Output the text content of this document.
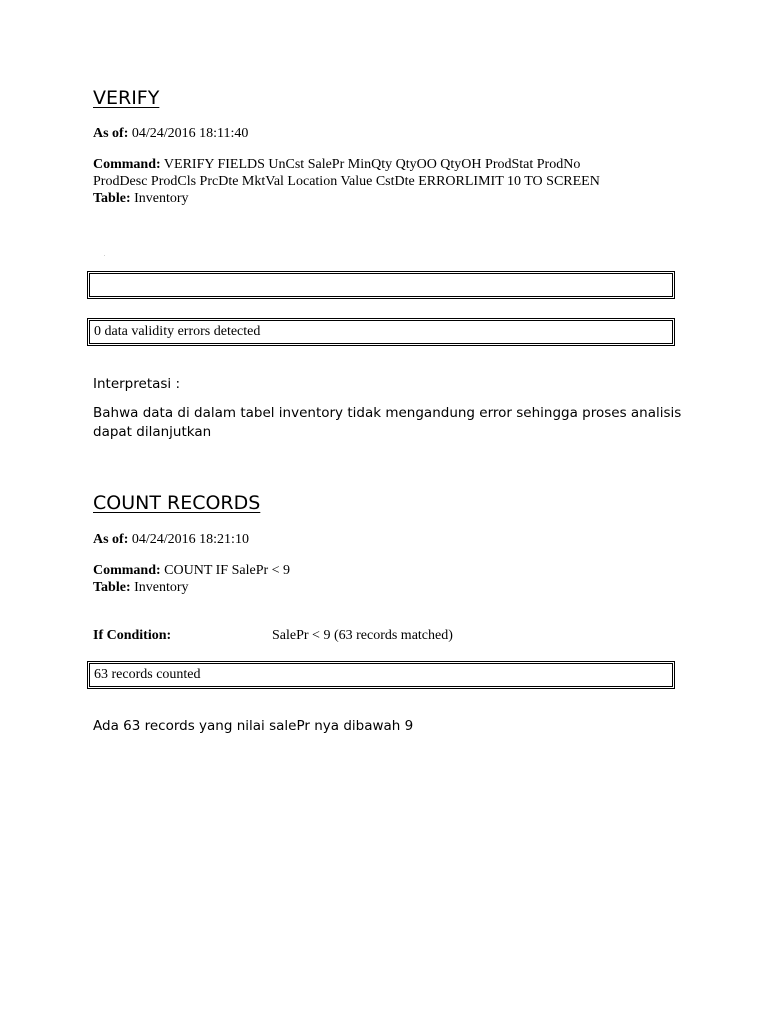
VERIFY
As of: 04/24/2016 18:11:40
Command: VERIFY FIELDS UnCst SalePr MinQty QtyOO QtyOH ProdStat ProdNo
ProdDesc ProdCls PrcDte MktVal Location Value CstDte ERRORLIMIT 10 TO SCREEN
Table: Inventory
0 data validity errors detected
Interpretasi :
Bahwa data di dalam tabel inventory tidak mengandung error sehingga proses analisis dapat dilanjutkan
COUNT RECORDS
As of: 04/24/2016 18:21:10
Command: COUNT IF SalePr < 9
Table: Inventory
If Condition:	SalePr < 9 (63 records matched)
63 records counted
Ada 63 records yang nilai salePr nya dibawah 9
